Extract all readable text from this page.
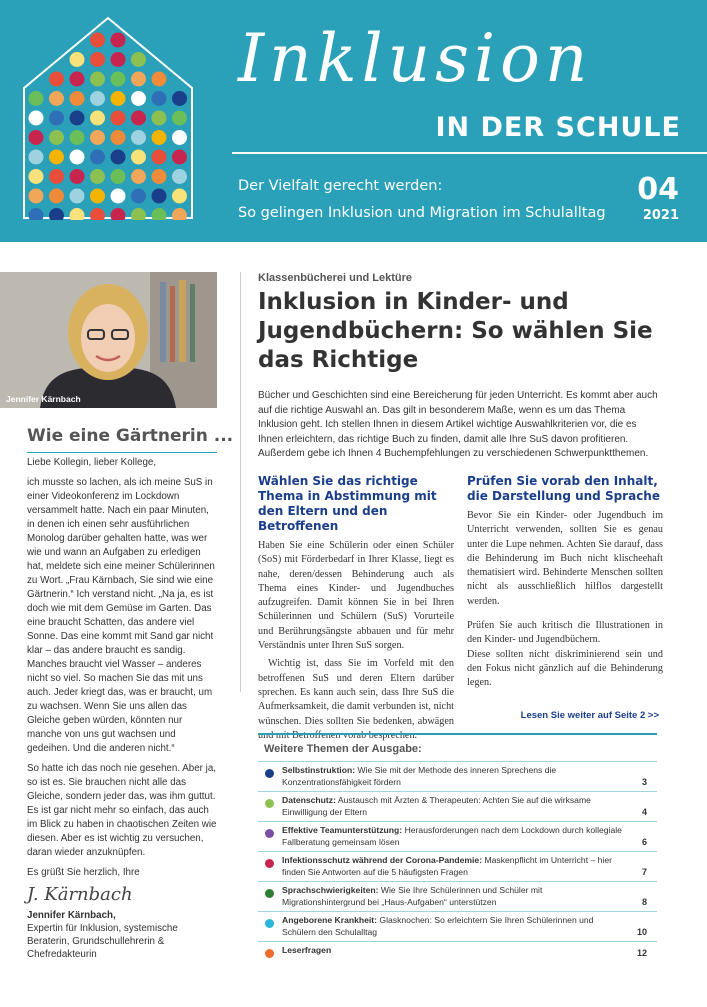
Inklusion
IN DER SCHULE
Der Vielfalt gerecht werden:
So gelingen Inklusion und Migration im Schulalltag
04
2021
Jennifer Kärnbach
Wie eine Gärtnerin ...

Liebe Kollegin, lieber Kollege,

ich musste so lachen, als ich meine SuS in einer Videokonferenz im Lockdown versammelt hatte. Nach ein paar Minuten, in denen ich einen sehr ausführlichen Monolog darüber gehalten hatte, was wer wie und wann an Aufgaben zu erledigen hat, meldete sich eine meiner Schülerinnen zu Wort. „Frau Kärnbach, Sie sind wie eine Gärtnerin.“ Ich verstand nicht. „Na ja, es ist doch wie mit dem Gemüse im Garten. Das eine braucht Schatten, das andere viel Sonne. Das eine kommt mit Sand gar nicht klar – das andere braucht es sandig. Manches braucht viel Wasser – anderes nicht so viel. So machen Sie das mit uns auch. Jeder kriegt das, was er braucht, um zu wachsen. Wenn Sie uns allen das Gleiche geben würden, könnten nur manche von uns gut wachsen und gedeihen. Und die anderen nicht.“

So hatte ich das noch nie gesehen. Aber ja, so ist es. Sie brauchen nicht alle das Gleiche, sondern jeder das, was ihm guttut. Es ist gar nicht mehr so einfach, das auch im Blick zu haben in chaotischen Zeiten wie diesen. Aber es ist wichtig zu versuchen, daran wieder anzuknüpfen.

Es grüßt Sie herzlich, Ihre

J. Kärnbach

Jennifer Kärnbach,

Expertin für Inklusion, systemische Beraterin, Grundschullehrerin & Chefredakteurin

Klassenbücherei und Lektüre
Inklusion in Kinder- und Jugendbüchern: So wählen Sie das Richtige

Bücher und Geschichten sind eine Bereicherung für jeden Unterricht. Es kommt aber auch auf die richtige Auswahl an. Das gilt in besonderem Maße, wenn es um das Thema Inklusion geht. Ich stellen Ihnen in diesem Artikel wichtige Auswahlkriterien vor, die es Ihnen erleichtern, das richtige Buch zu finden, damit alle Ihre SuS davon profitieren. Außerdem gebe ich Ihnen 4 Buchempfehlungen zu verschiedenen Schwerpunktthemen.

Wählen Sie das richtige Thema in Abstimmung mit den Eltern und den Betroffenen

Haben Sie eine Schülerin oder einen Schüler (SoS) mit Förderbedarf in Ihrer Klasse, liegt es nahe, deren/dessen Behinderung auch als Thema eines Kinder- und Jugendbuches aufzugreifen. Damit können Sie in bei Ihren Schülerinnen und Schülern (SuS) Vorurteile und Berührungsängste abbauen und für mehr Verständnis unter Ihren SuS sorgen.

Wichtig ist, dass Sie im Vorfeld mit den betroffenen SuS und deren Eltern darüber sprechen. Es kann auch sein, dass Ihre SuS die Aufmerksamkeit, die damit verbunden ist, nicht wünschen. Dies sollten Sie bedenken, abwägen und mit Betroffenen vorab besprechen.

Prüfen Sie vorab den Inhalt, die Darstellung und Sprache

Bevor Sie ein Kinder- oder Jugendbuch im Unterricht verwenden, sollten Sie es genau unter die Lupe nehmen. Achten Sie darauf, dass die Behinderung im Buch nicht klischeehaft thematisiert wird. Behinderte Menschen sollten nicht als ausschließlich hilflos dargestellt werden.

Prüfen Sie auch kritisch die Illustrationen in den Kinder- und Jugendbüchern.

Diese sollten nicht diskriminierend sein und den Fokus nicht gänzlich auf die Behinderung legen.

Lesen Sie weiter auf Seite 2 >>
Weitere Themen der Ausgabe:
Selbstinstruktion: Wie Sie mit der Methode des inneren Sprechens die Konzentrationsfähigkeit fördern	3
Datenschutz: Austausch mit Ärzten & Therapeuten: Achten Sie auf die wirksame Einwilligung der Eltern	4
Effektive Teamunterstützung: Herausforderungen nach dem Lockdown durch kollegiale Fallberatung gemeinsam lösen	6
Infektionsschutz während der Corona-Pandemie: Maskenpflicht im Unterricht – hier finden Sie Antworten auf die 5 häufigsten Fragen	7
Sprachschwierigkeiten: Wie Sie Ihre Schülerinnen und Schüler mit Migrationshintergrund bei „Haus-Aufgaben“ unterstützen	8
Angeborene Krankheit: Glasknochen: So erleichtern Sie Ihren Schülerinnen und Schülern den Schulalltag	10
Leserfragen	12
